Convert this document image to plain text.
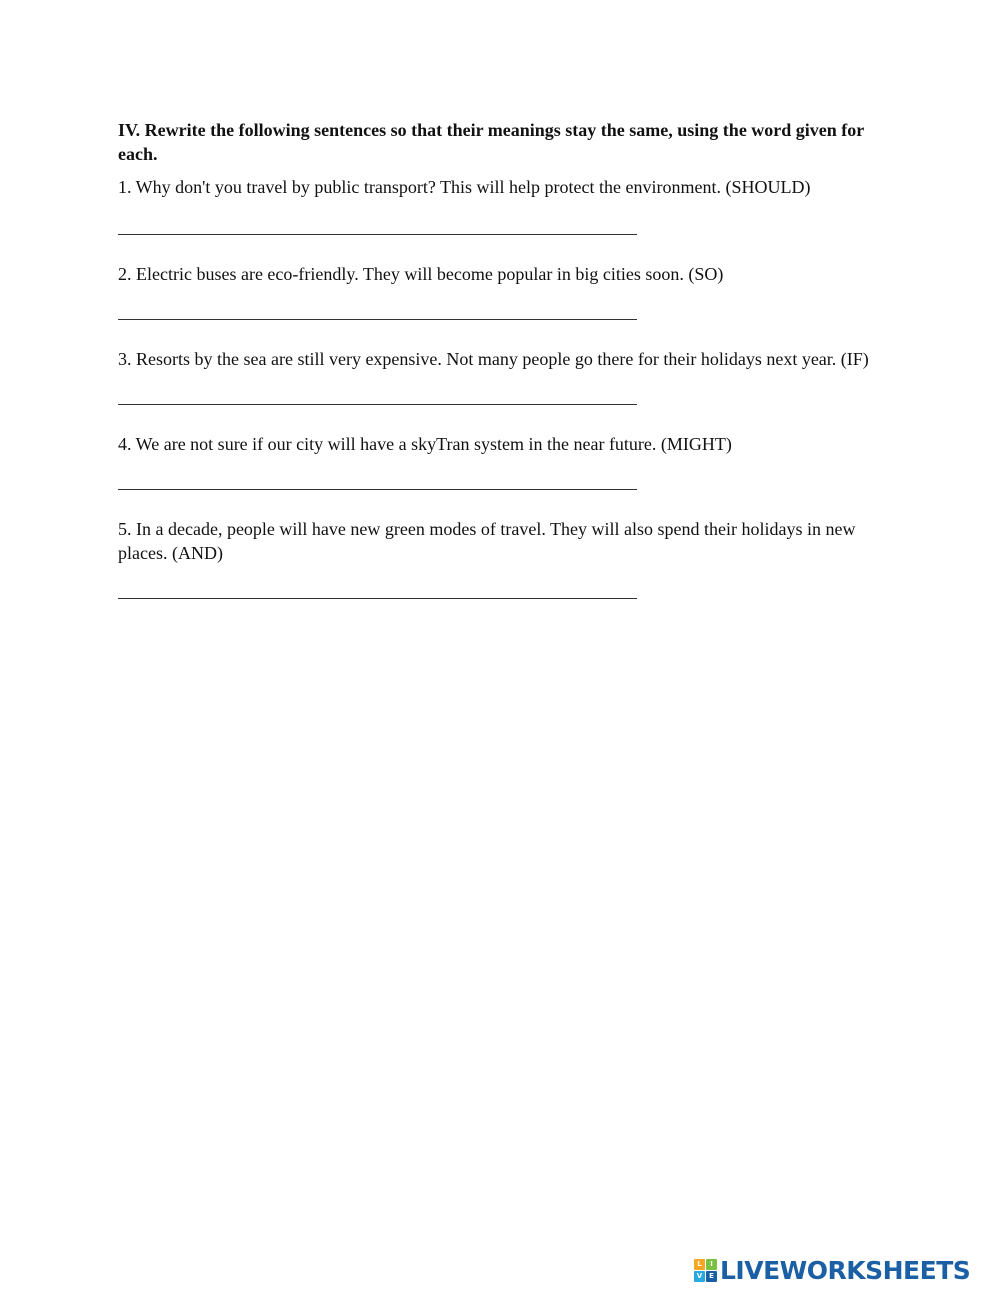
IV. Rewrite the following sentences so that their meanings stay the same, using the word given for each.

1. Why don't you travel by public transport? This will help protect the environment. (SHOULD)

2. Electric buses are eco-friendly. They will become popular in big cities soon. (SO)

3. Resorts by the sea are still very expensive. Not many people go there for their holidays next year. (IF)

4. We are not sure if our city will have a skyTran system in the near future. (MIGHT)

5. In a decade, people will have new green modes of travel. They will also spend their holidays in new places. (AND)

L	I
V E LIVEWORKSHEETS
